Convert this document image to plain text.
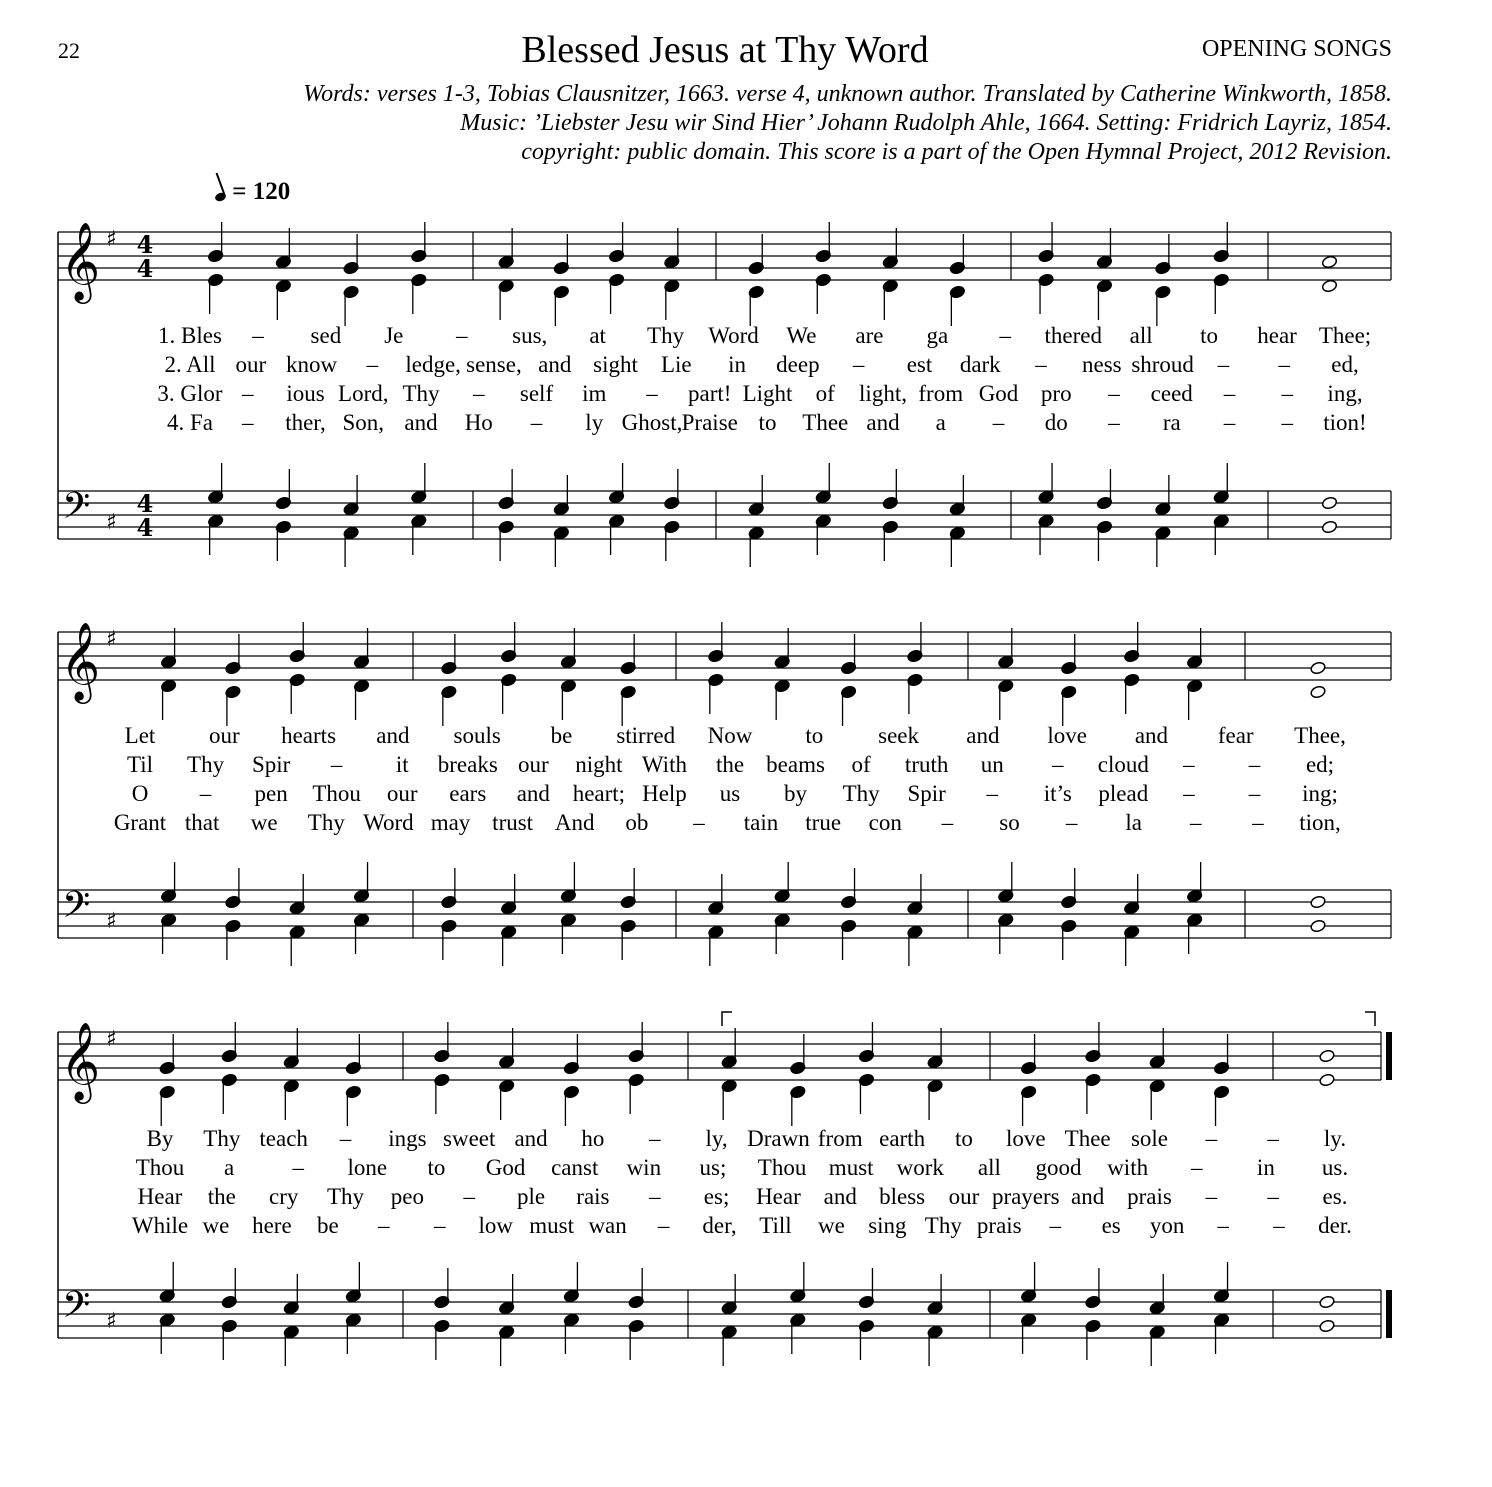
22	Blessed Jesus at Thy Word	OPENING SONGS
Words: verses 1-3, Tobias Clausnitzer, 1663. verse 4, unknown author. Translated by Catherine Winkworth, 1858.
Music: ’Liebster Jesu wir Sind Hier’ Johann Rudolph Ahle, 1664. Setting: Fridrich Layriz, 1854.
copyright: public domain. This score is a part of the Open Hymnal Project, 2012 Revision.
= 120
𝄞
𝄢
♯
♯
4
4
4
4
𝄞
𝄢
♯
♯
𝄞
𝄢
♯
♯
1. Bles – sed Je – sus, at Thy Word We are ga – thered all to hear Thee;
2. All our know – ledge, sense, and sight Lie in deep – est dark – ness shroud – – ed,
3. Glor – ious Lord, Thy – self im – part! Light of light, from God pro – ceed – – ing,
4. Fa – ther, Son, and Ho – ly Ghost, Praise to Thee and a – do – ra – – tion!
Let our hearts and souls be stirred Now to seek and love and fear Thee,
Til Thy Spir – it breaks our night With the beams of truth un – cloud – – ed;
O – pen Thou our ears and heart; Help us by Thy Spir – it’s plead – – ing;
Grant that we Thy Word may trust And ob – tain true con – so – la – – tion,
By Thy teach – ings sweet and ho – ly, Drawn from earth to love Thee sole – – ly.
Thou a	– lone to God canst win us; Thou must work all good with – in us.
Hear the cry Thy peo – ple rais – es; Hear and bless our prayers and prais – – es.
While we here be – – low must wan – der, Till we sing Thy prais – es yon – – der.
